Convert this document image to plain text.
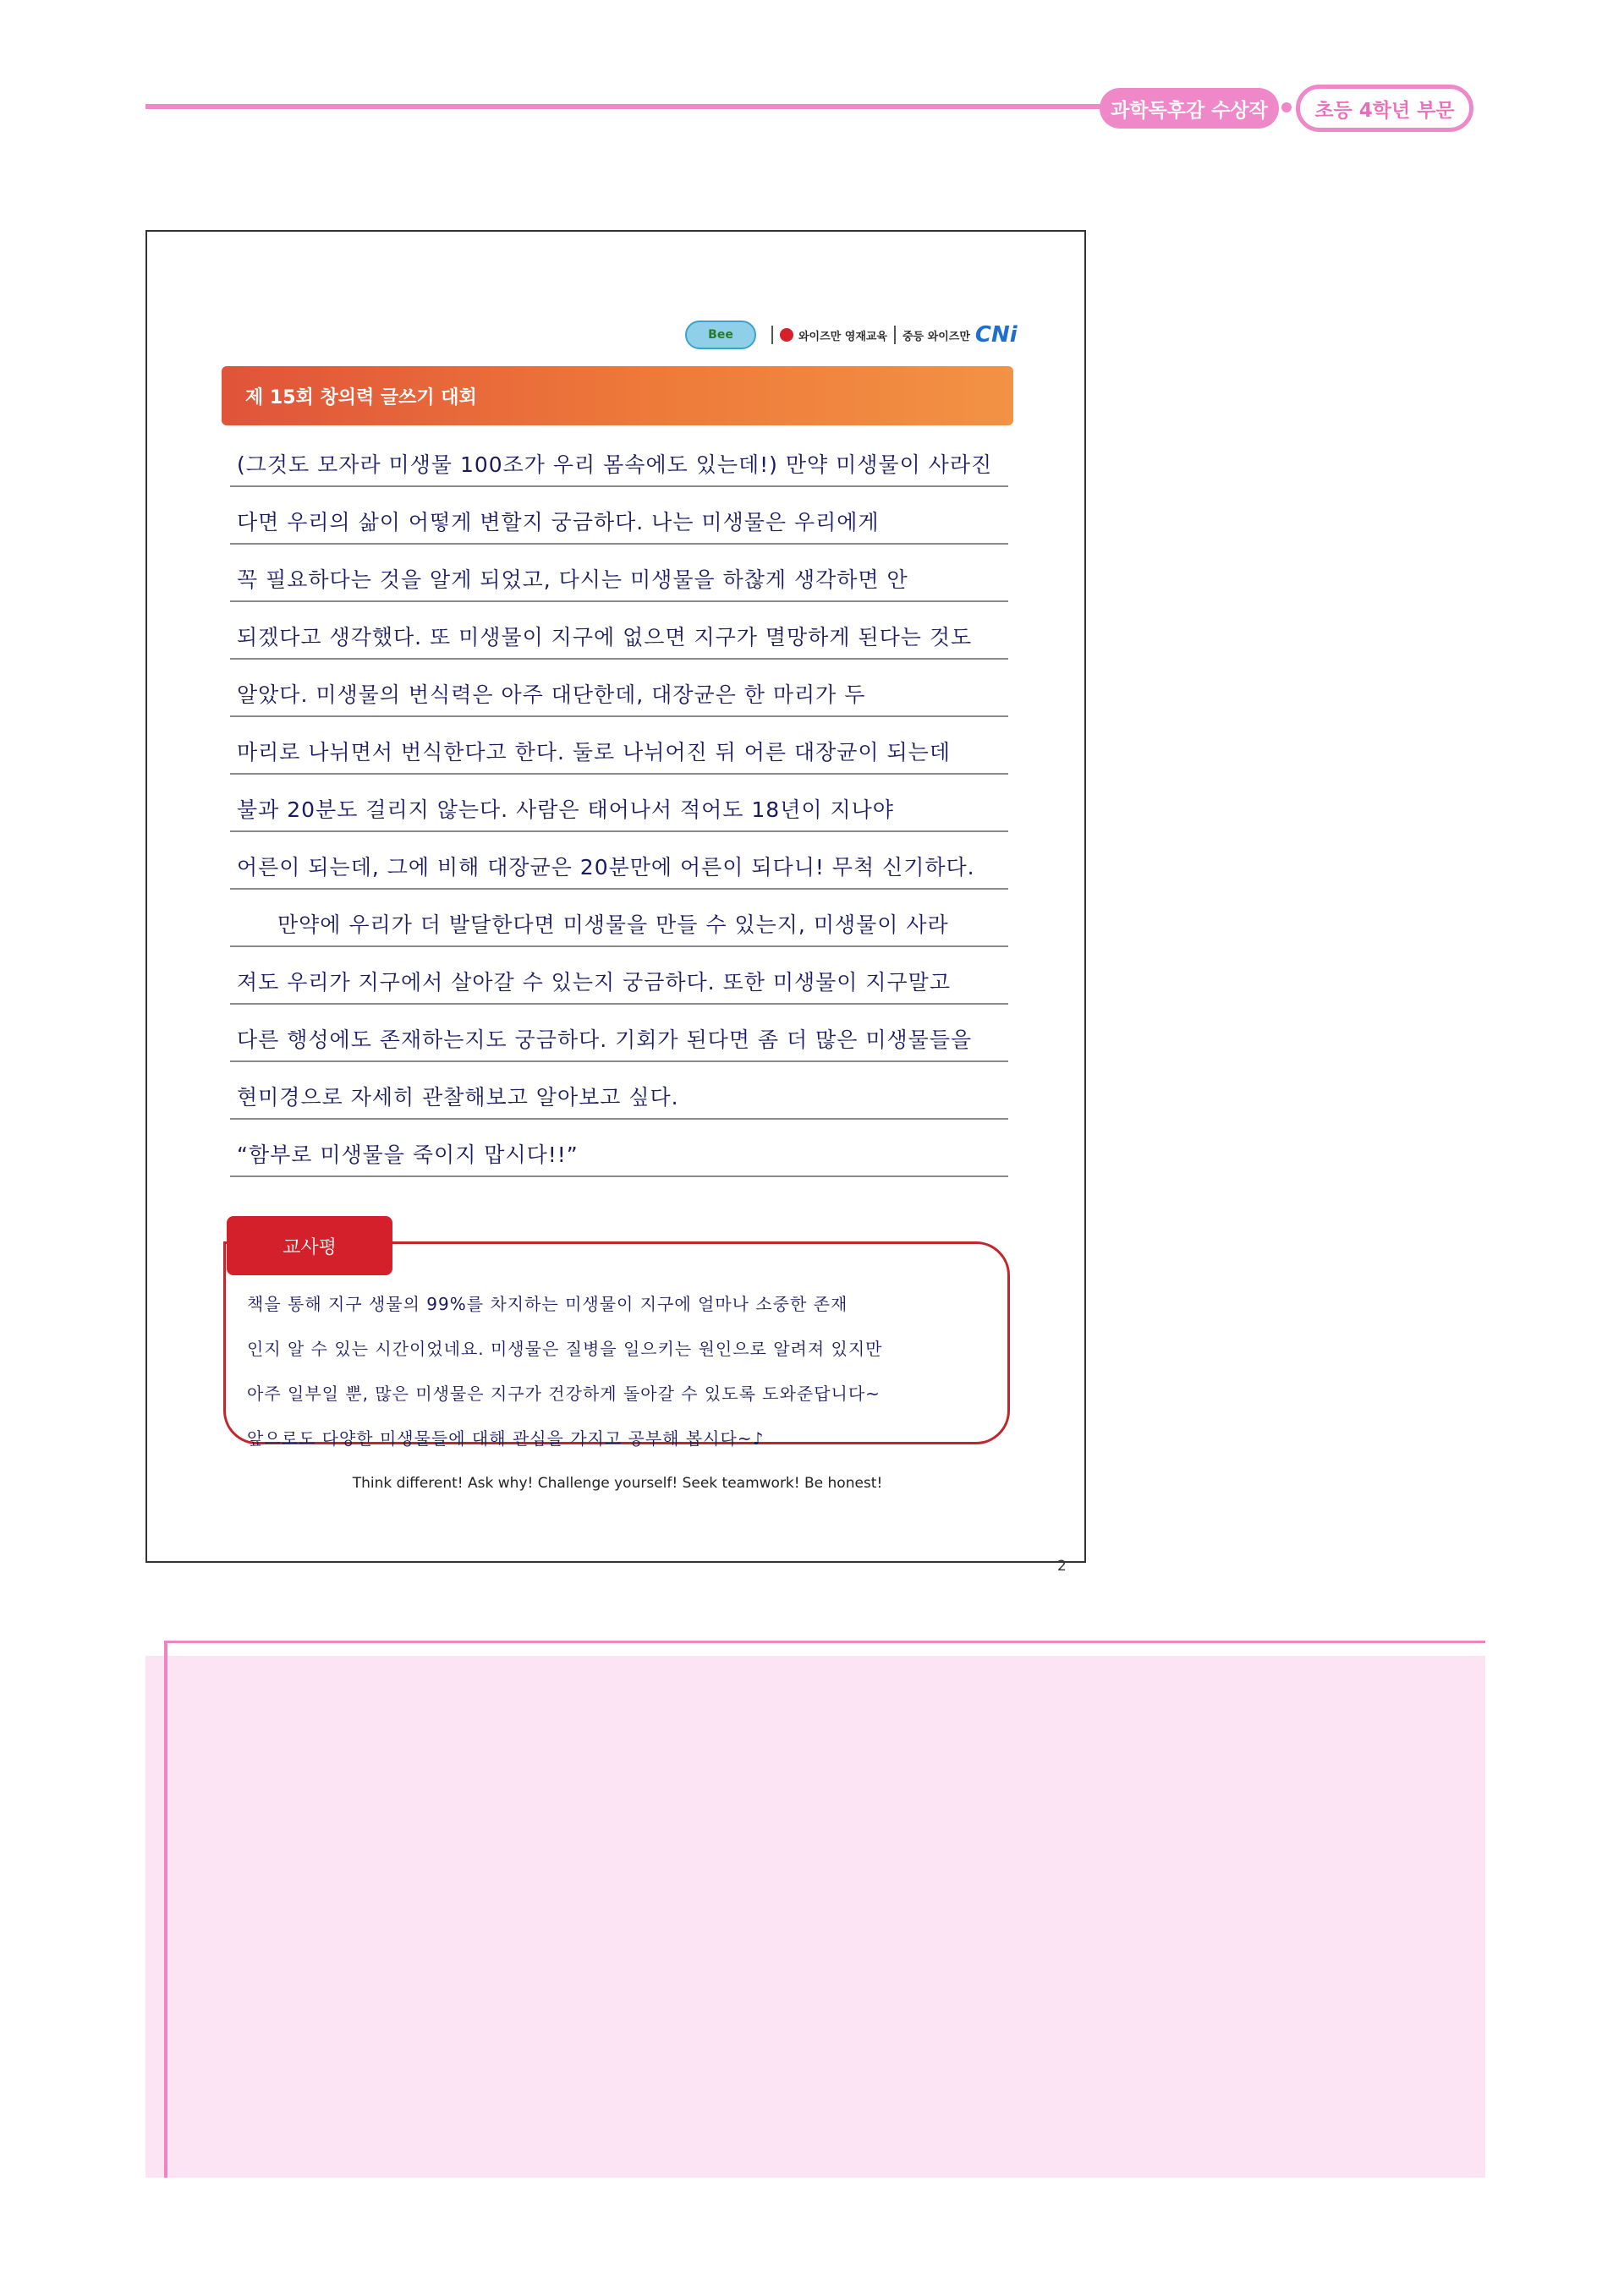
과학독후감 수상작	초등 4학년 부문
Bee	와이즈만 영재교육 중등 와이즈만 CNi
제 15회 창의력 글쓰기 대회
(그것도 모자라 미생물 100조가 우리 몸속에도 있는데!) 만약 미생물이 사라진
다면 우리의 삶이 어떻게 변할지 궁금하다. 나는 미생물은 우리에게
꼭 필요하다는 것을 알게 되었고, 다시는 미생물을 하찮게 생각하면 안
되겠다고 생각했다. 또 미생물이 지구에 없으면 지구가 멸망하게 된다는 것도
알았다. 미생물의 번식력은 아주 대단한데, 대장균은 한 마리가 두
마리로 나뉘면서 번식한다고 한다. 둘로 나뉘어진 뒤 어른 대장균이 되는데
불과 20분도 걸리지 않는다. 사람은 태어나서 적어도 18년이 지나야
어른이 되는데, 그에 비해 대장균은 20분만에 어른이 되다니! 무척 신기하다.
만약에 우리가 더 발달한다면 미생물을 만들 수 있는지, 미생물이 사라
져도 우리가 지구에서 살아갈 수 있는지 궁금하다. 또한 미생물이 지구말고
다른 행성에도 존재하는지도 궁금하다. 기회가 된다면 좀 더 많은 미생물들을
현미경으로 자세히 관찰해보고 알아보고 싶다.
“함부로 미생물을 죽이지 맙시다!!”
교사평
책을 통해 지구 생물의 99%를 차지하는 미생물이 지구에 얼마나 소중한 존재
인지 알 수 있는 시간이었네요. 미생물은 질병을 일으키는 원인으로 알려져 있지만
아주 일부일 뿐, 많은 미생물은 지구가 건강하게 돌아갈 수 있도록 도와준답니다~
앞으로도 다양한 미생물들에 대해 관심을 가지고 공부해 봅시다~♪
Think different! Ask why! Challenge yourself! Seek teamwork! Be honest!
2
